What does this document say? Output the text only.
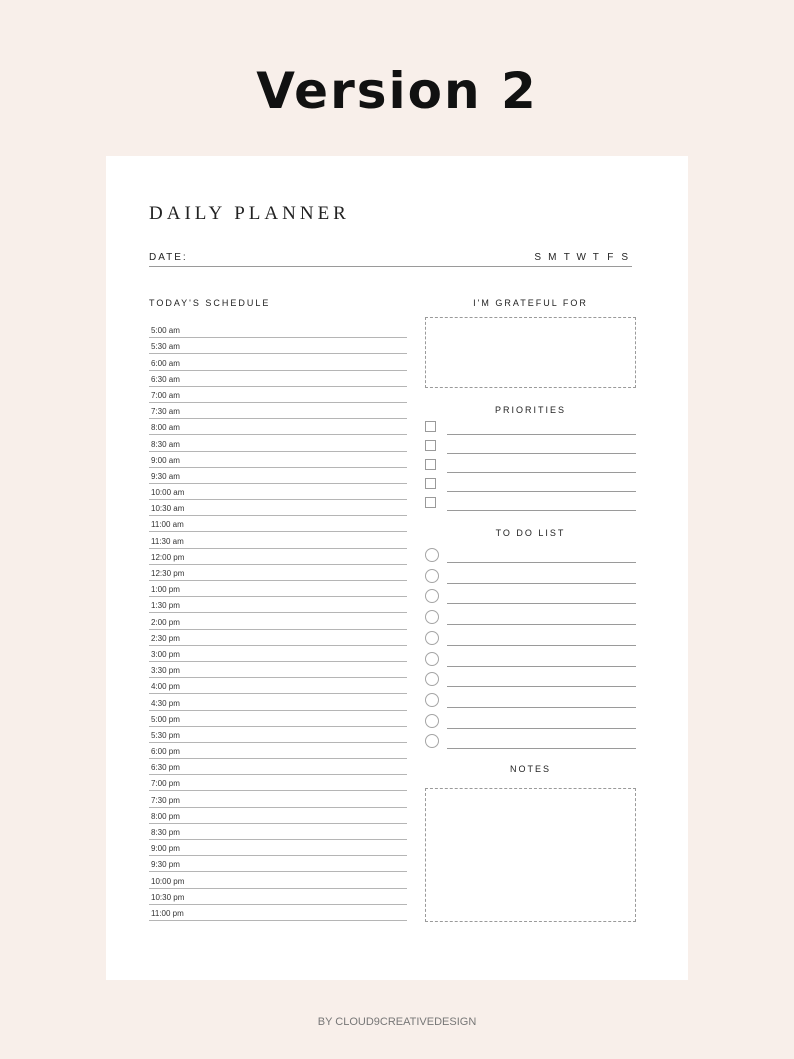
Version 2
DAILY PLANNER
DATE:	S M T W T F S
TODAY'S SCHEDULE
5:00 am
5:30 am
6:00 am
6:30 am
7:00 am
7:30 am
8:00 am
8:30 am
9:00 am
9:30 am
10:00 am
10:30 am
11:00 am
11:30 am
12:00 pm
12:30 pm
1:00 pm
1:30 pm
2:00 pm
2:30 pm
3:00 pm
3:30 pm
4:00 pm
4:30 pm
5:00 pm
5:30 pm
6:00 pm
6:30 pm
7:00 pm
7:30 pm
8:00 pm
8:30 pm
9:00 pm
9:30 pm
10:00 pm
10:30 pm
11:00 pm
I'M GRATEFUL FOR
PRIORITIES
TO DO LIST
NOTES
BY CLOUD9CREATIVEDESIGN
